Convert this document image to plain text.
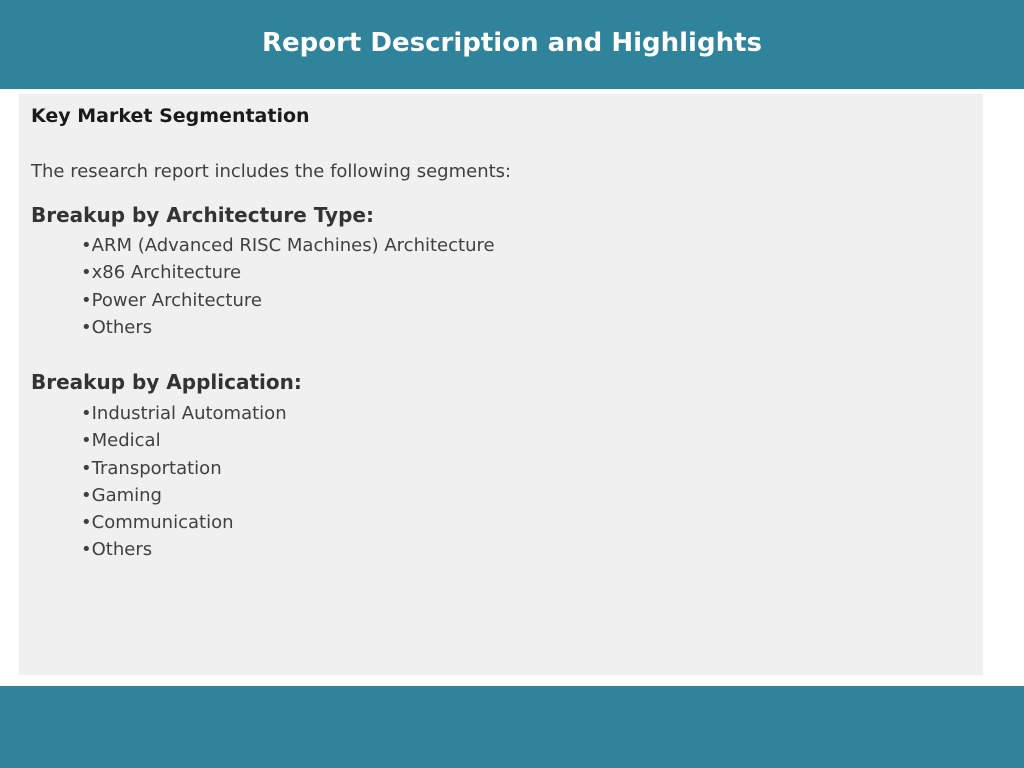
Report Description and Highlights
Key Market Segmentation
The research report includes the following segments:
Breakup by Architecture Type:
•ARM (Advanced RISC Machines) Architecture
•x86 Architecture
•Power Architecture
•Others
Breakup by Application:
•Industrial Automation
•Medical
•Transportation
•Gaming
•Communication
•Others
